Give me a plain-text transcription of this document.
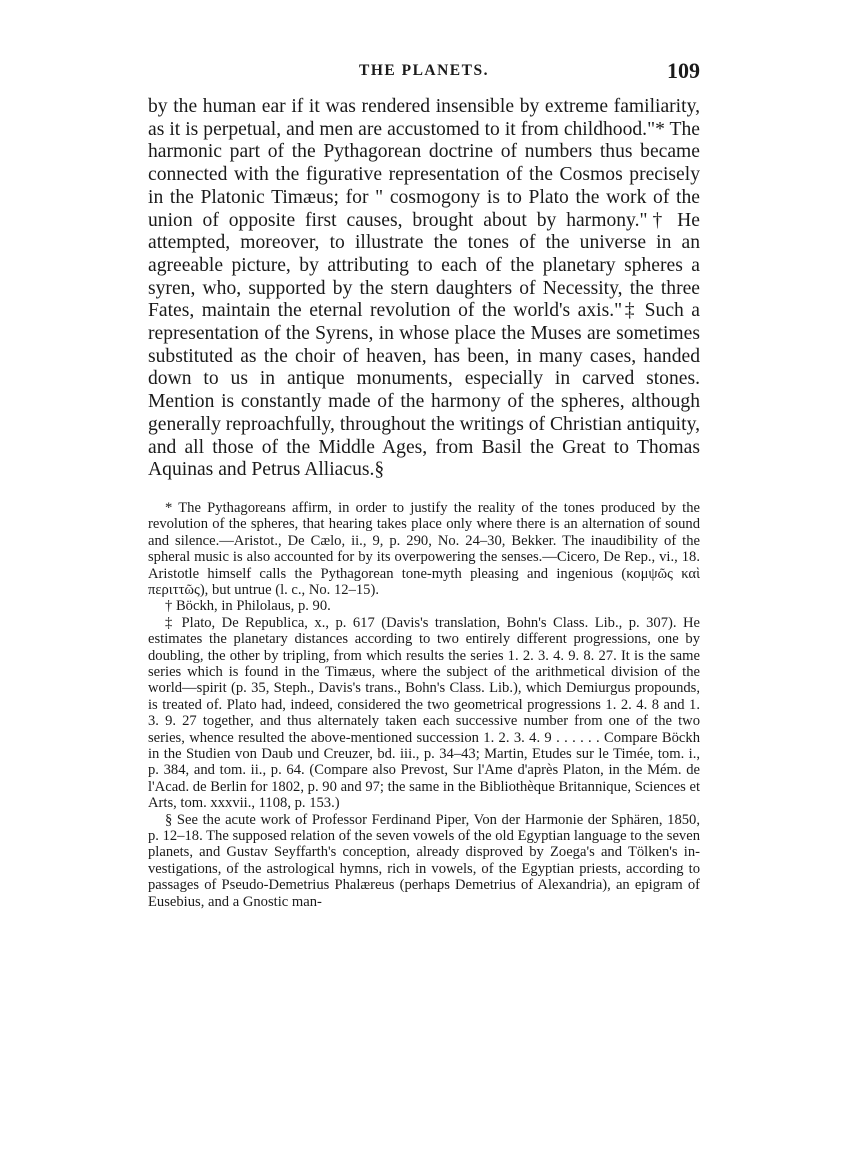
THE PLANETS.	109

by the human ear if it was rendered insensible by extreme familiarity, as it is perpetual, and men are accustomed to it from childhood."* The harmonic part of the Pythagorean doctrine of numbers thus became connected with the figurative representation of the Cosmos precisely in the Platonic Timæus; for " cosmogony is to Plato the work of the union of opposite first causes, brought about by harmony."† He attempted, moreover, to illustrate the tones of the universe in an agreeable picture, by attributing to each of the planetary spheres a syren, who, supported by the stern daughters of Necessity, the three Fates, maintain the eternal revolution of the world's axis."‡ Such a representation of the Syrens, in whose place the Muses are sometimes substituted as the choir of heaven, has been, in many cases, handed down to us in antique monuments, especially in carved stones. Mention is constantly made of the harmony of the spheres, although generally reproachfully, throughout the writings of Christian antiquity, and all those of the Middle Ages, from Basil the Great to Thomas Aquinas and Petrus Alliacus.§

* The Pythagoreans affirm, in order to justify the reality of the tones produced by the revolution of the spheres, that hearing takes place only where there is an alternation of sound and silence.—Aristot., De Cælo, ii., 9, p. 290, No. 24–30, Bekker. The inaudibility of the spheral music is also accounted for by its overpowering the senses.—Cicero, De Rep., vi., 18. Aristotle himself calls the Pythagorean tone-myth pleasing and ingenious (κομψῶς καὶ περιττῶς), but untrue (l. c., No. 12–15).

† Böckh, in Philolaus, p. 90.

‡ Plato, De Republica, x., p. 617 (Davis's translation, Bohn's Class. Lib., p. 307). He estimates the planetary distances according to two entirely different progressions, one by doubling, the other by tripling, from which results the series 1. 2. 3. 4. 9. 8. 27. It is the same series which is found in the Timæus, where the subject of the arithmetical division of the world—spirit (p. 35, Steph., Davis's trans., Bohn's Class. Lib.), which Demiurgus propounds, is treated of. Plato had, indeed, considered the two geometrical progressions 1. 2. 4. 8 and 1. 3. 9. 27 together, and thus alternately taken each successive number from one of the two series, whence resulted the above-mentioned succession 1. 2. 3. 4. 9 . . . . . . Compare Böckh in the Studien von Daub und Creuzer, bd. iii., p. 34–43; Martin, Etudes sur le Timée, tom. i., p. 384, and tom. ii., p. 64. (Compare also Prevost, Sur l'Ame d'après Platon, in the Mém. de l'Acad. de Berlin for 1802, p. 90 and 97; the same in the Bibliothèque Britannique, Sciences et Arts, tom. xxxvii., 1108, p. 153.)

§ See the acute work of Professor Ferdinand Piper, Von der Harmonie der Sphären, 1850, p. 12–18. The supposed relation of the seven vowels of the old Egyptian language to the seven planets, and Gustav Seyffarth's conception, already disproved by Zoega's and Tölken's investigations, of the astrological hymns, rich in vowels, of the Egyptian priests, according to passages of Pseudo-Demetrius Phalæreus (perhaps Demetrius of Alexandria), an epigram of Eusebius, and a Gnostic man-
